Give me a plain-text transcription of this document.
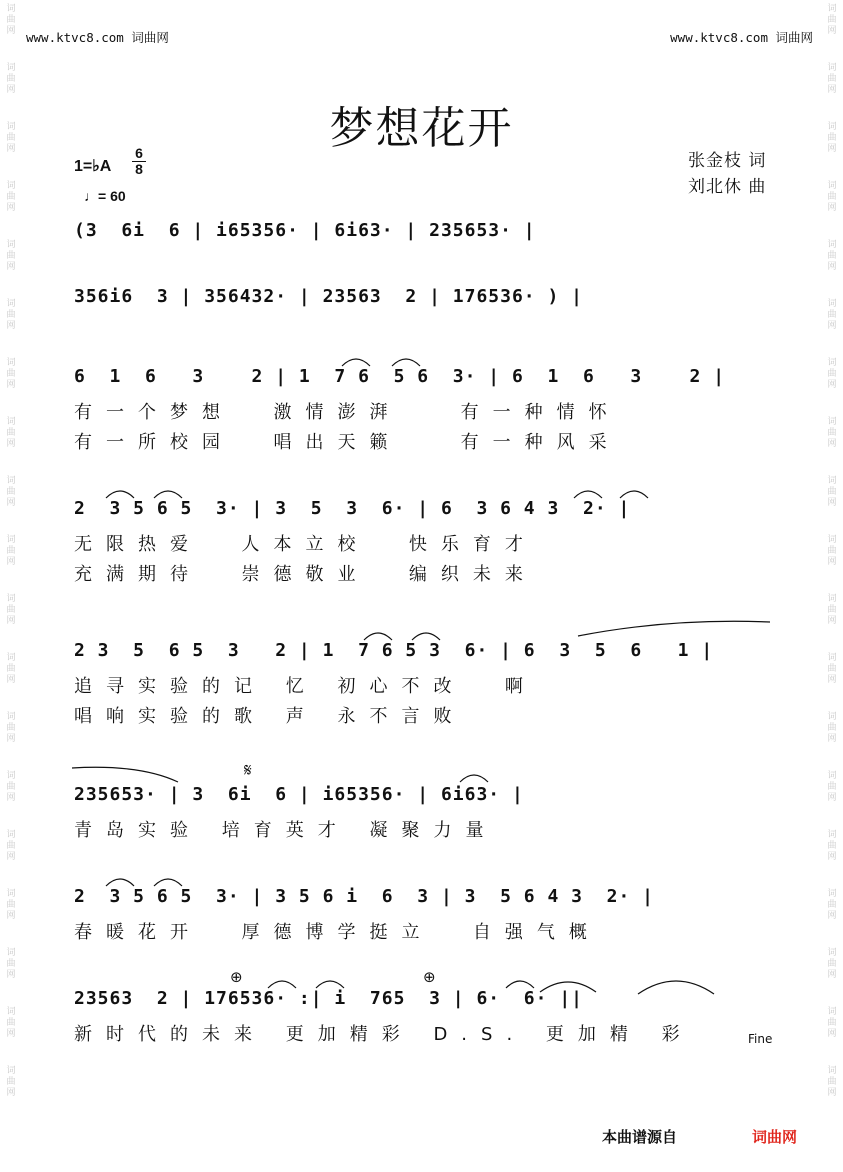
词
曲
网
词
曲
网
词
曲
网
词
曲
网
词
曲
网
词
曲
网
词
曲
网
词
曲
网
词
曲
网
词
曲
网
词
曲
网
词
曲
网
词
曲
网
词
曲
网
词
曲
网
词
曲
网
词
曲
网
词
曲
网
词
曲
网
词
曲
网
词
曲
网
词
曲
网
词
曲
网
词
曲
网
词
曲
网
词
曲
网
词
曲
网
词
曲
网
词
曲
网
词
曲
网
词
曲
网
词
曲
网
词
曲
网
词
曲
网
词
曲
网
词
曲
网
词
曲
网
词
曲
网
www.ktvc8.com 词曲网	www.ktvc8.com 词曲网
梦想花开
张金枝 词
刘北休 曲
1=♭A $\frac{6}{8}$
♩= 60
(3  6i  6 | i65356· | 6i63· | 235653· |
356i6  3 | 356432· | 23563  2 | 176536· ) |
6  1  6   3    2 | 1  7 6  5 6  3· | 6  1  6   3    2 |
有一个梦想  激情澎湃   有一种情怀
有一所校园  唱出天籁   有一种风采
2  3 5 6 5  3· | 3  5  3  6· | 6  3 6 4 3  2· |
无限热爱  人本立校  快乐育才
充满期待  崇德敬业  编织未来
2 3  5  6 5  3   2 | 1  7 6 5 3  6· | 6  3  5  6   1 |
追寻实验的记 忆 初心不改  啊
唱响实验的歌 声 永不言败
235653· | 3  6i  6 | i65356· | 6i63· |
青岛实验 培育英才 凝聚力量
2  3 5 6 5  3· | 3 5 6 i  6  3 | 3  5 6 4 3  2· |
春暖花开  厚德博学挺立  自强气概
23563  2 | 176536· :| i  765  3 | 6·  6· ||
新时代的未来 更加精彩 D.S. 更加精 彩
𝄋
⊕	⊕
Fine
本曲谱源自	词曲网
